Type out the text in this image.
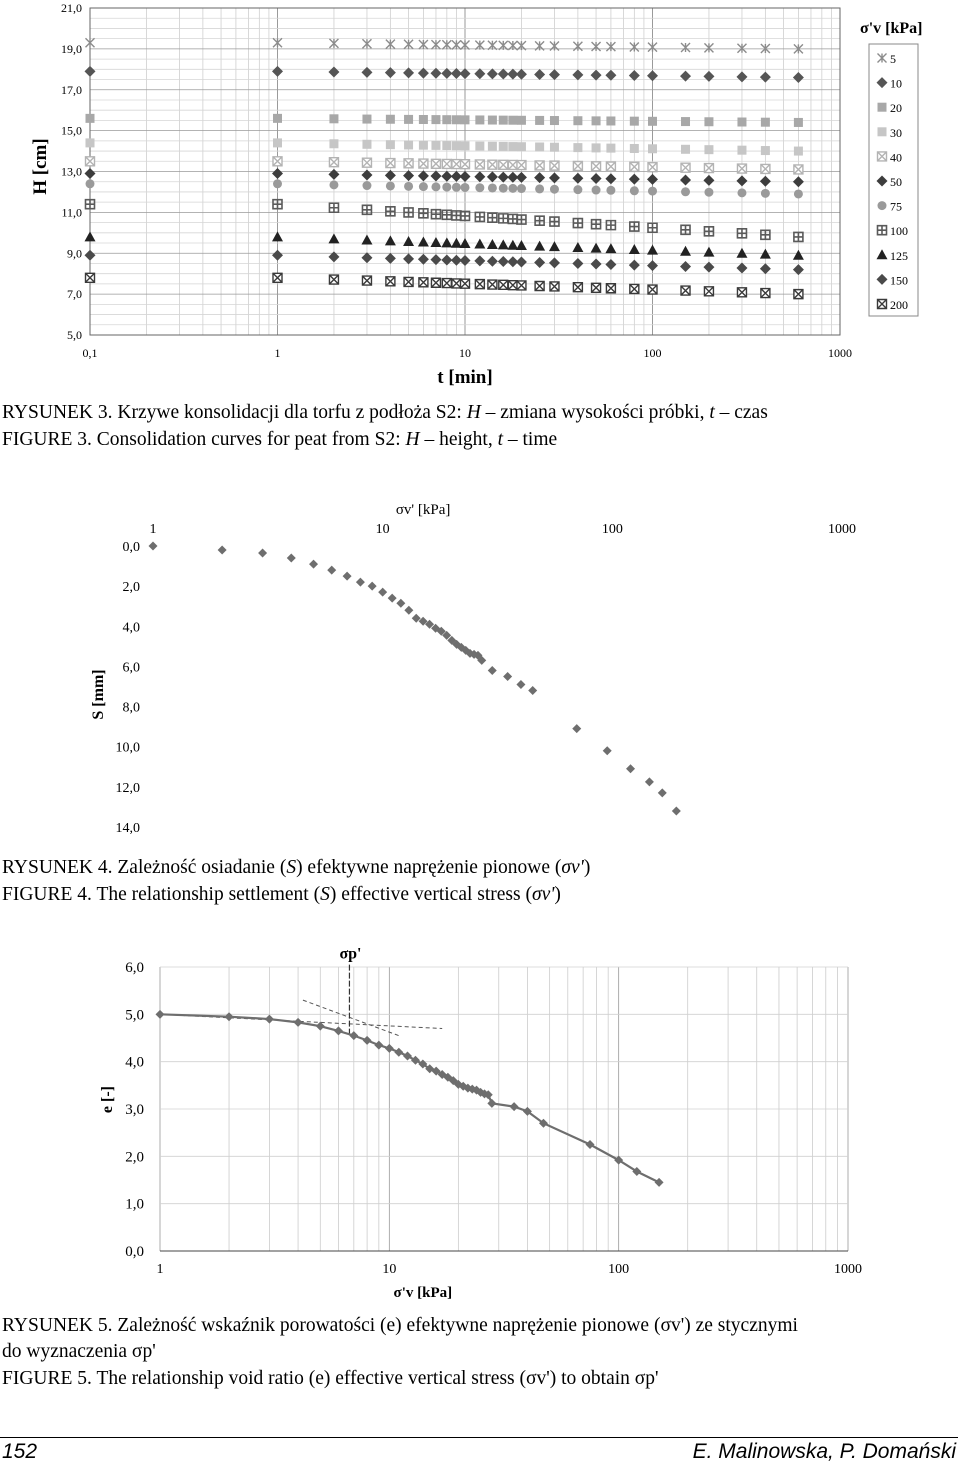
5,0
7,0
9,0
11,0
13,0
15,0
17,0
19,0
21,0
0,1	1	10	100	1000
t [min]
H [cm]
σ'v [kPa]
5
10
20
30
40
50
75
100
125
150
200
RYSUNEK 3. Krzywe konsolidacji dla torfu z podłoża S2: H – zmiana wysokości próbki, t – czas
FIGURE 3. Consolidation curves for peat from S2: H – height, t – time
0,0
2,0
4,0
6,0
8,0
10,0
12,0
14,0
1	10	100	1000
σv' [kPa]
S [mm]
RYSUNEK 4. Zależność osiadanie (S) efektywne naprężenie pionowe (σv')
FIGURE 4. The relationship settlement (S) effective vertical stress (σv')
0,0
1,0
2,0
3,0
4,0
5,0
6,0
1	10	100	1000
σ'v [kPa]
e [-]
σp'
RYSUNEK 5. Zależność wskaźnik porowatości (e) efektywne naprężenie pionowe (σv') ze stycznymi
do wyznaczenia σp'
FIGURE 5. The relationship void ratio (e) effective vertical stress (σv') to obtain σp'
152	E. Malinowska, P. Domański
